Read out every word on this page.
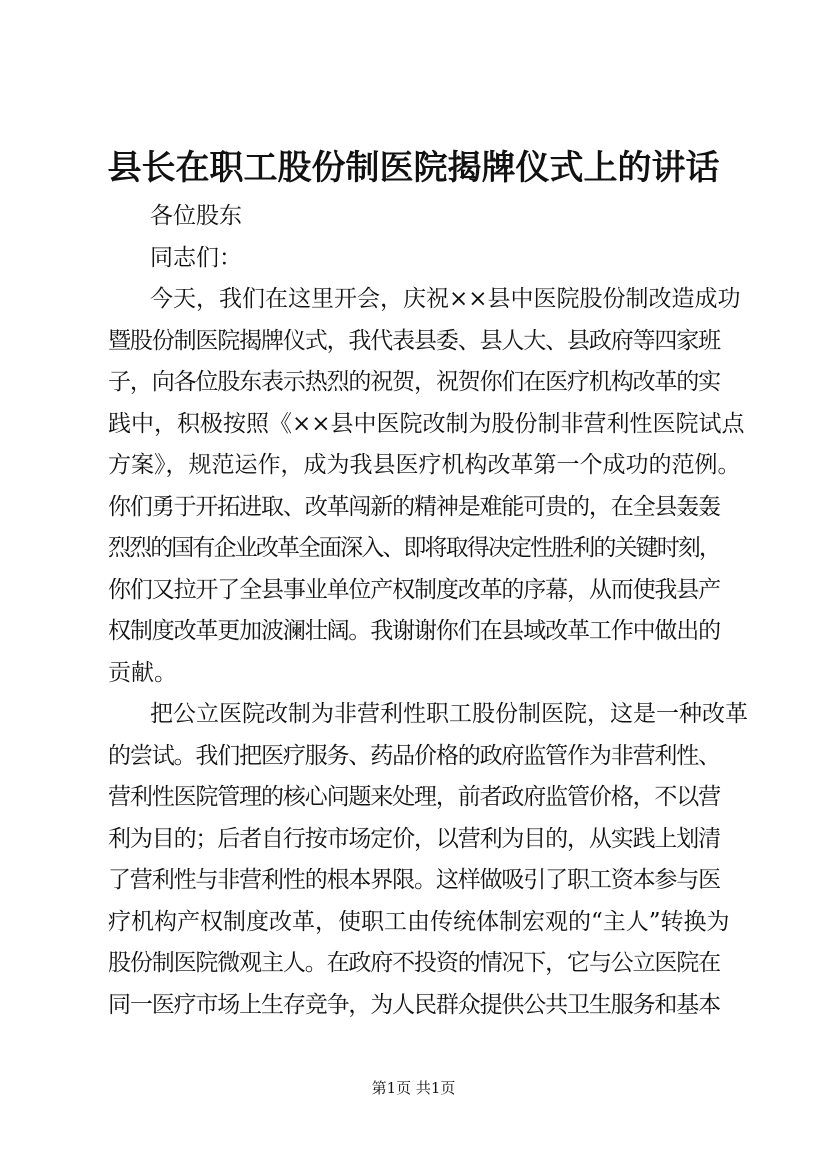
县长在职工股份制医院揭牌仪式上的讲话
各位股东
同志们：
今天，我们在这里开会，庆祝××县中医院股份制改造成功
暨股份制医院揭牌仪式，我代表县委、县人大、县政府等四家班
子，向各位股东表示热烈的祝贺，祝贺你们在医疗机构改革的实
践中，积极按照《××县中医院改制为股份制非营利性医院试点
方案》，规范运作，成为我县医疗机构改革第一个成功的范例。
你们勇于开拓进取、改革闯新的精神是难能可贵的，在全县轰轰
烈烈的国有企业改革全面深入、即将取得决定性胜利的关键时刻，
你们又拉开了全县事业单位产权制度改革的序幕，从而使我县产
权制度改革更加波澜壮阔。我谢谢你们在县域改革工作中做出的
贡献。
把公立医院改制为非营利性职工股份制医院，这是一种改革
的尝试。我们把医疗服务、药品价格的政府监管作为非营利性、
营利性医院管理的核心问题来处理，前者政府监管价格，不以营
利为目的；后者自行按市场定价，以营利为目的，从实践上划清
了营利性与非营利性的根本界限。这样做吸引了职工资本参与医
疗机构产权制度改革，使职工由传统体制宏观的“主人”转换为
股份制医院微观主人。在政府不投资的情况下，它与公立医院在
同一医疗市场上生存竞争，为人民群众提供公共卫生服务和基本
第1页 共1页
